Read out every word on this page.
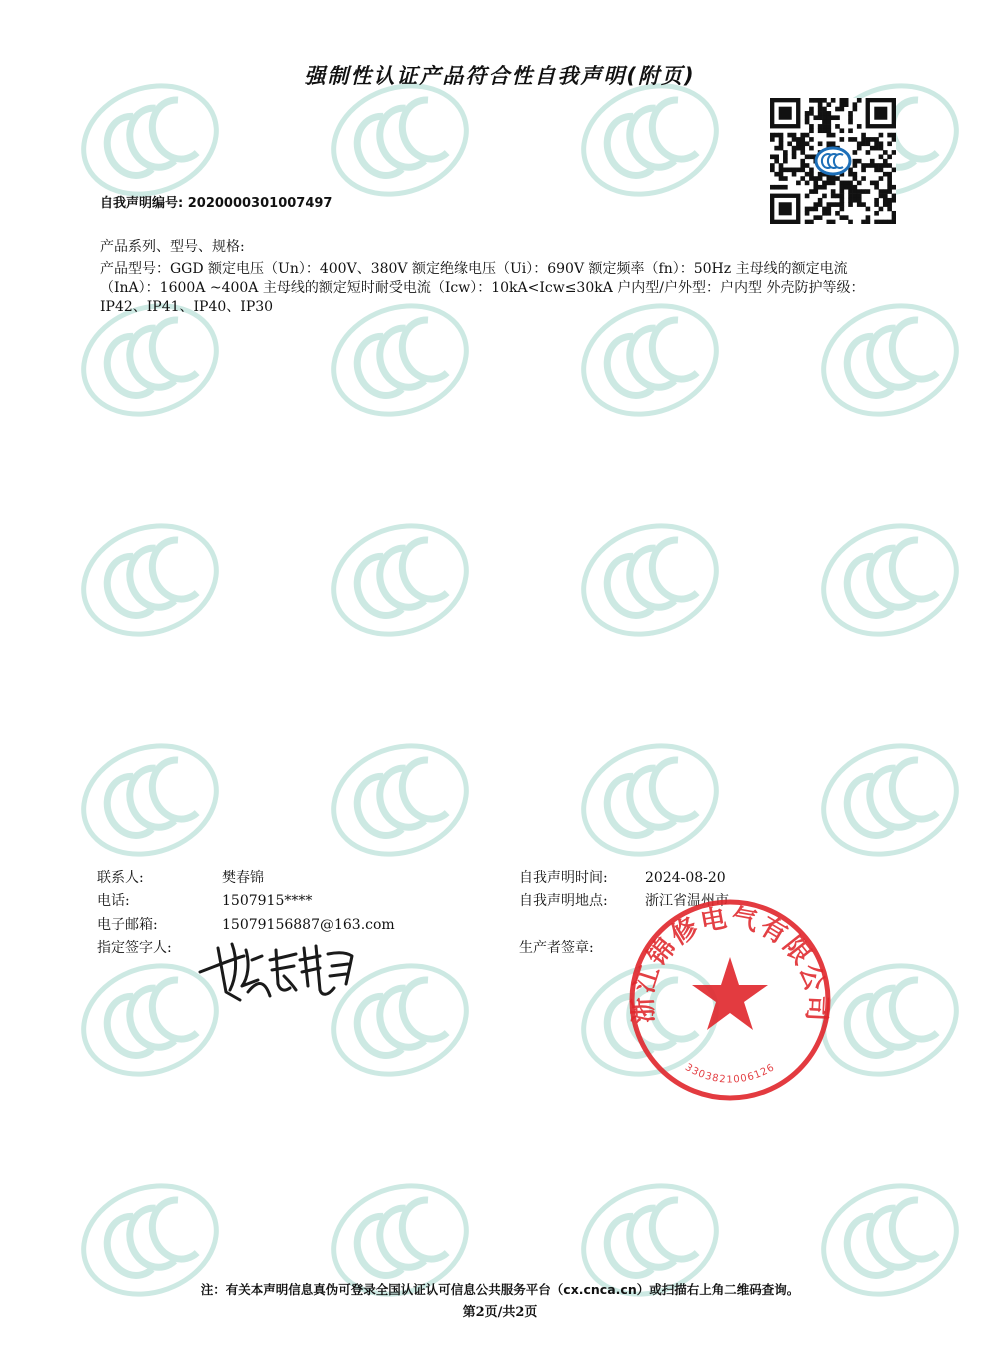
强制性认证产品符合性自我声明(附页)
自我声明编号: 2020000301007497
产品系列、型号、规格:
产品型号：GGD 额定电压（Un）：400V、380V 额定绝缘电压（Ui）：690V 额定频率（fn）：50Hz 主母线的额定电流
（InA）：1600A ~400A 主母线的额定短时耐受电流（Icw）：10kA<Icw≤30kA 户内型/户外型：户内型 外壳防护等级：
IP42、IP41、IP40、IP30
联系人:	樊春锦
电话:	1507915****
电子邮箱:	15079156887@163.com
指定签字人:
自我声明时间:	2024-08-20
自我声明地点:	浙江省温州市
生产者签章:
浙江锦修电气有限公司
3303821006126
注：有关本声明信息真伪可登录全国认证认可信息公共服务平台（cx.cnca.cn）或扫描右上角二维码查询。
第2页/共2页
